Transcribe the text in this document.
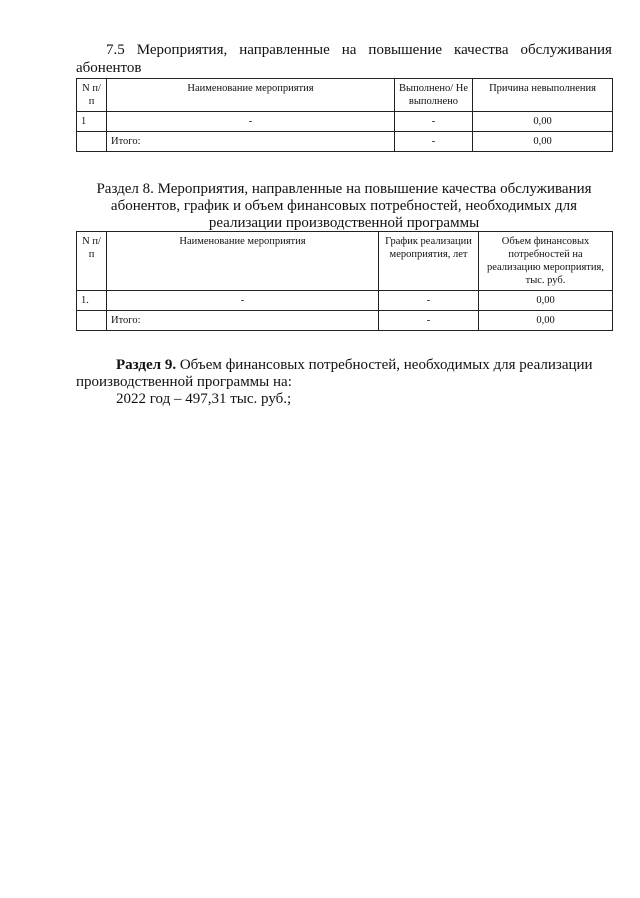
7.5 Мероприятия, направленные на повышение качества обслуживания
абонентов
N п/п	Наименование мероприятия	Выполнено/ Не выполнено	Причина невыполнения
1	-	-	0,00
	Итого:	-	0,00
Раздел 8. Мероприятия, направленные на повышение качества обслуживания абонентов, график и объем финансовых потребностей, необходимых для реализации производственной программы
N п/п	Наименование мероприятия	График реализации мероприятия, лет	Объем финансовых потребностей на реализацию мероприятия, тыс. руб.
1.	-	-	0,00
	Итого:	-	0,00
Раздел 9. Объем финансовых потребностей, необходимых для реализации производственной программы на:
2022 год – 497,31 тыс. руб.;
